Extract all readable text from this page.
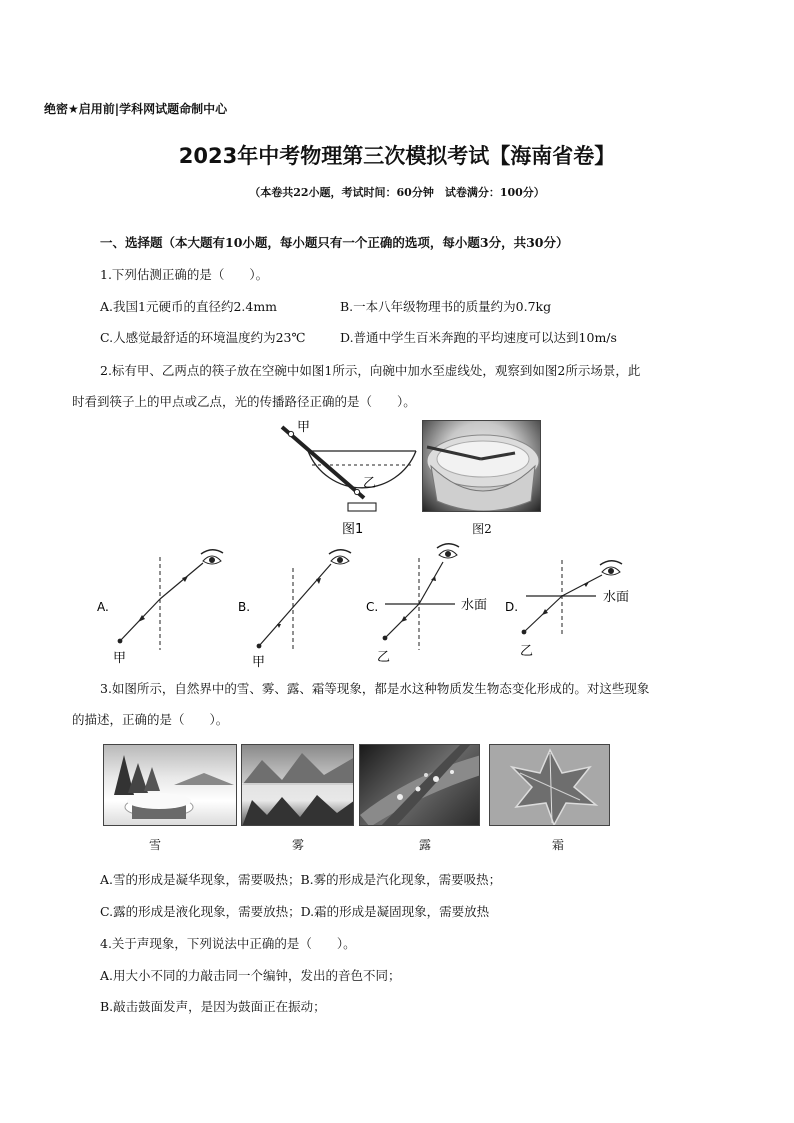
绝密★启用前|学科网试题命制中心
2023年中考物理第三次模拟考试【海南省卷】
（本卷共22小题，考试时间：60分钟　试卷满分：100分）
一、选择题（本大题有10小题，每小题只有一个正确的选项，每小题3分，共30分）
1.下列估测正确的是（　　）。
A.我国1元硬币的直径约2.4mm	B.一本八年级物理书的质量约为0.7kg
C.人感觉最舒适的环境温度约为23℃	D.普通中学生百米奔跑的平均速度可以达到10m/s
2.标有甲、乙两点的筷子放在空碗中如图1所示，向碗中加水至虚线处，观察到如图2所示场景，此
时看到筷子上的甲点或乙点，光的传播路径正确的是（　　）。
甲
乙
图1	图2
A.
甲
B.
甲
C.	水面
乙
D.
水面
乙
3.如图所示，自然界中的雪、雾、露、霜等现象，都是水这种物质发生物态变化形成的。对这些现象
的描述，正确的是（　　）。
雪	雾	露	霜
A.雪的形成是凝华现象，需要吸热；B.雾的形成是汽化现象，需要吸热；
C.露的形成是液化现象，需要放热；D.霜的形成是凝固现象，需要放热
4.关于声现象，下列说法中正确的是（　　）。
A.用大小不同的力敲击同一个编钟，发出的音色不同；
B.敲击鼓面发声，是因为鼓面正在振动；
